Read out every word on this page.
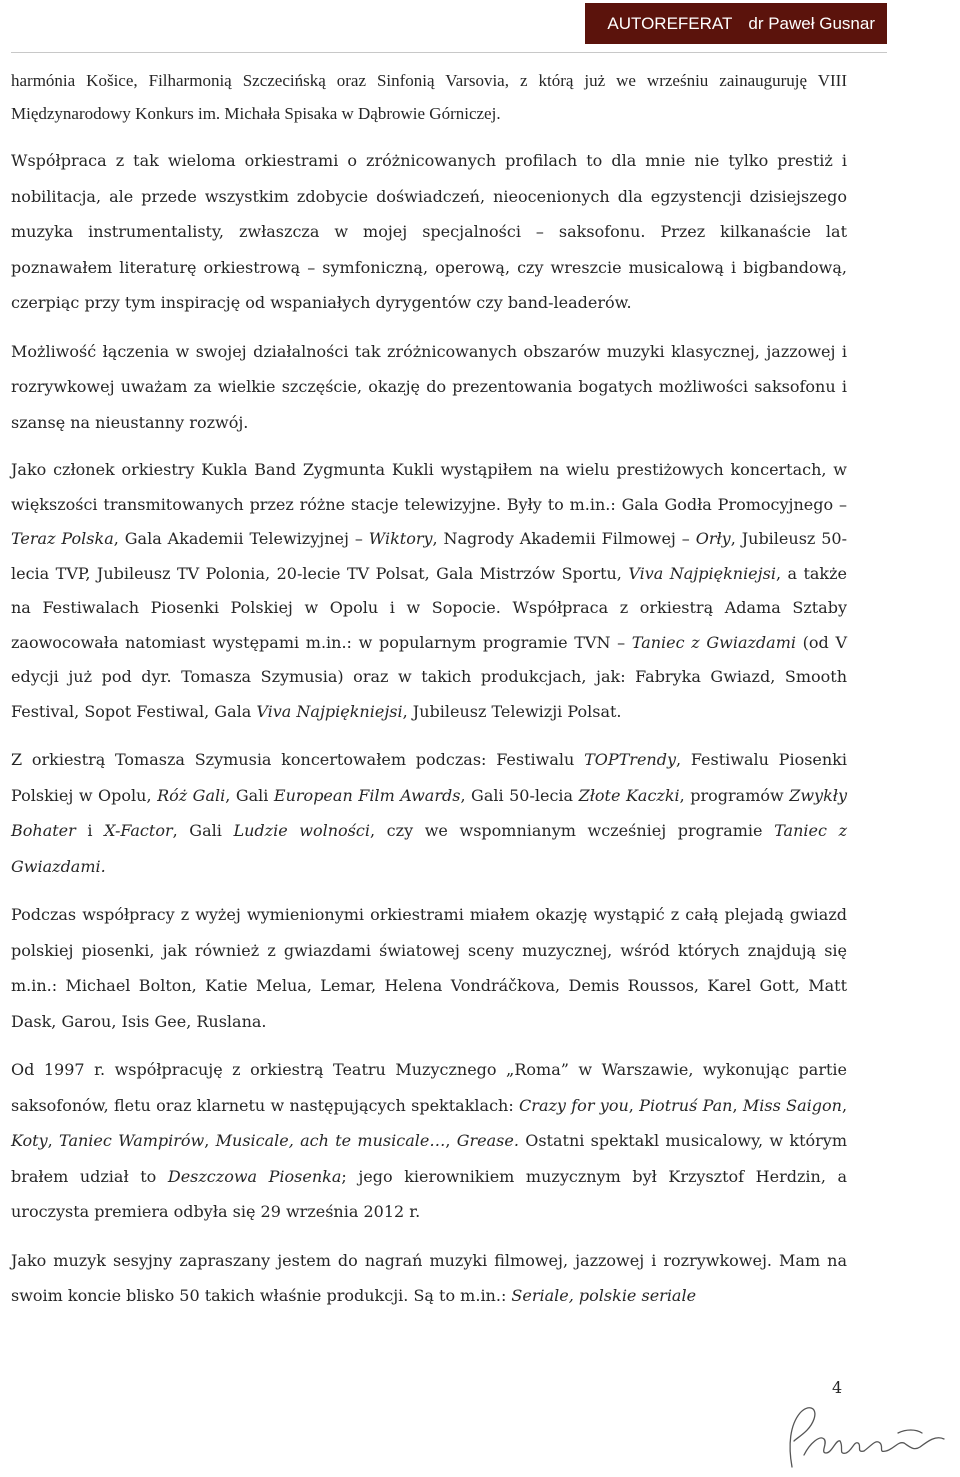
AUTOREFERAT dr Paweł Gusnar

harmónia Košice, Filharmonią Szczecińską oraz Sinfonią Varsovia, z którą już we wrześniu zainauguruję VIII Międzynarodowy Konkurs im. Michała Spisaka w Dąbrowie Górniczej.

Współpraca z tak wieloma orkiestrami o zróżnicowanych profilach to dla mnie nie tylko prestiż i nobilitacja, ale przede wszystkim zdobycie doświadczeń, nieocenionych dla egzystencji dzisiejszego muzyka instrumentalisty, zwłaszcza w mojej specjalności – saksofonu. Przez kilkanaście lat poznawałem literaturę orkiestrową – symfoniczną, operową, czy wreszcie musicalową i bigbandową, czerpiąc przy tym inspirację od wspaniałych dyrygentów czy band-leaderów.

Możliwość łączenia w swojej działalności tak zróżnicowanych obszarów muzyki klasycznej, jazzowej i rozrywkowej uważam za wielkie szczęście, okazję do prezentowania bogatych możliwości saksofonu i szansę na nieustanny rozwój.

Jako członek orkiestry Kukla Band Zygmunta Kukli wystąpiłem na wielu prestiżowych koncertach, w większości transmitowanych przez różne stacje telewizyjne. Były to m.in.: Gala Godła Promocyjnego – Teraz Polska, Gala Akademii Telewizyjnej – Wiktory, Nagrody Akademii Filmowej – Orły, Jubileusz 50-lecia TVP, Jubileusz TV Polonia, 20-lecie TV Polsat, Gala Mistrzów Sportu, Viva Najpiękniejsi, a także na Festiwalach Piosenki Polskiej w Opolu i w Sopocie. Współpraca z orkiestrą Adama Sztaby zaowocowała natomiast występami m.in.: w popularnym programie TVN – Taniec z Gwiazdami (od V edycji już pod dyr. Tomasza Szymusia) oraz w takich produkcjach, jak: Fabryka Gwiazd, Smooth Festival, Sopot Festiwal, Gala Viva Najpiękniejsi, Jubileusz Telewizji Polsat.

Z orkiestrą Tomasza Szymusia koncertowałem podczas: Festiwalu TOPTrendy, Festiwalu Piosenki Polskiej w Opolu, Róż Gali, Gali European Film Awards, Gali 50-lecia Złote Kaczki, programów Zwykły Bohater i X-Factor, Gali Ludzie wolności, czy we wspomnianym wcześniej programie Taniec z Gwiazdami.

Podczas współpracy z wyżej wymienionymi orkiestrami miałem okazję wystąpić z całą plejadą gwiazd polskiej piosenki, jak również z gwiazdami światowej sceny muzycznej, wśród których znajdują się m.in.: Michael Bolton, Katie Melua, Lemar, Helena Vondráčkova, Demis Roussos, Karel Gott, Matt Dask, Garou, Isis Gee, Ruslana.

Od 1997 r. współpracuję z orkiestrą Teatru Muzycznego „Roma” w Warszawie, wykonując partie saksofonów, fletu oraz klarnetu w następujących spektaklach: Crazy for you, Piotruś Pan, Miss Saigon, Koty, Taniec Wampirów, Musicale, ach te musicale…, Grease. Ostatni spektakl musicalowy, w którym brałem udział to Deszczowa Piosenka; jego kierownikiem muzycznym był Krzysztof Herdzin, a uroczysta premiera odbyła się 29 września 2012 r.

Jako muzyk sesyjny zapraszany jestem do nagrań muzyki filmowej, jazzowej i rozrywkowej. Mam na swoim koncie blisko 50 takich właśnie produkcji. Są to m.in.: Seriale, polskie seriale

4
